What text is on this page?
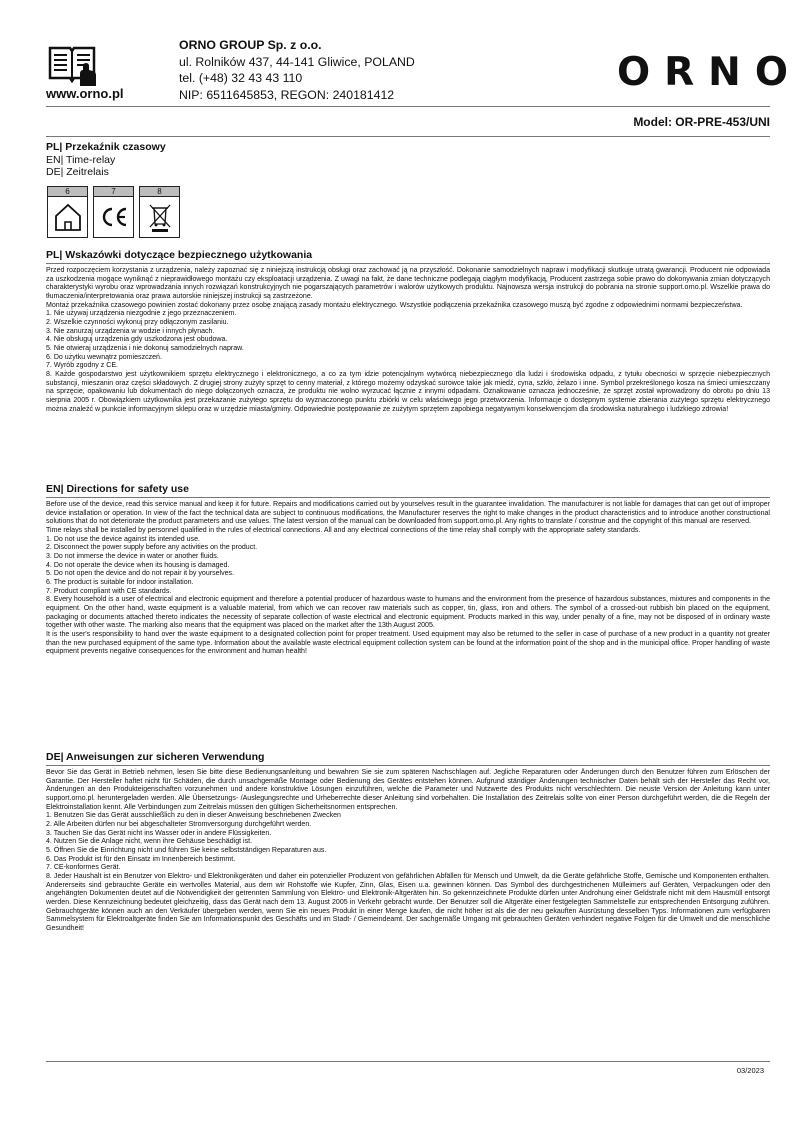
www.orno.pl
ORNO GROUP Sp. z o.o.
ul. Rolników 437, 44-141 Gliwice, POLAND
tel. (+48) 32 43 43 110
NIP: 6511645853, REGON: 240181412	ORNO
Model: OR-PRE-453/UNI
PL| Przekaźnik czasowy
EN| Time-relay
DE| Zeitrelais
6	7	8
PL| Wskazówki dotyczące bezpiecznego użytkowania
Przed rozpoczęciem korzystania z urządzenia, należy zapoznać się z niniejszą instrukcją obsługi oraz zachować ją na przyszłość. Dokonanie samodzielnych napraw i modyfikacji skutkuje utratą gwarancji. Producent nie odpowiada za uszkodzenia mogące wyniknąć z nieprawidłowego montażu czy eksploatacji urządzenia. Z uwagi na fakt, że dane techniczne podlegają ciągłym modyfikacją, Producent zastrzega sobie prawo do dokonywania zmian dotyczących charakterystyki wyrobu oraz wprowadzania innych rozwiązań konstrukcyjnych nie pogarszających parametrów i walorów użytkowych produktu. Najnowsza wersja instrukcji do pobrania na stronie support.orno.pl. Wszelkie prawa do tłumaczenia/interpretowania oraz prawa autorskie niniejszej instrukcji są zastrzeżone.
Montaż przekaźnika czasowego powinien zostać dokonany przez osobę znającą zasady montażu elektrycznego. Wszystkie podłączenia przekaźnika czasowego muszą być zgodne z odpowiednimi normami bezpieczeństwa.
1. Nie używaj urządzenia niezgodnie z jego przeznaczeniem.
2. Wszelkie czynności wykonuj przy odłączonym zasilaniu.
3. Nie zanurzaj urządzenia w wodzie i innych płynach.
4. Nie obsługuj urządzenia gdy uszkodzona jest obudowa.
5. Nie otwieraj urządzenia i nie dokonuj samodzielnych napraw.
6. Do użytku wewnątrz pomieszczeń.
7. Wyrób zgodny z CE.
8. Każde gospodarstwo jest użytkownikiem sprzętu elektrycznego i elektronicznego, a co za tym idzie potencjalnym wytwórcą niebezpiecznego dla ludzi i środowiska odpadu, z tytułu obecności w sprzęcie niebezpiecznych substancji, mieszanin oraz części składowych. Z drugiej strony zużyty sprzęt to cenny materiał, z którego możemy odzyskać surowce takie jak miedź, cyna, szkło, żelazo i inne. Symbol przekreślonego kosza na śmieci umieszczany na sprzęcie, opakowaniu lub dokumentach do niego dołączonych oznacza, że produktu nie wolno wyrzucać łącznie z innymi odpadami. Oznakowanie oznacza jednocześnie, że sprzęt został wprowadzony do obrotu po dniu 13 sierpnia 2005 r. Obowiązkiem użytkownika jest przekazanie zużytego sprzętu do wyznaczonego punktu zbiórki w celu właściwego jego przetworzenia. Informacje o dostępnym systemie zbierania zużytego sprzętu elektrycznego można znaleźć w punkcie informacyjnym sklepu oraz w urzędzie miasta/gminy. Odpowiednie postępowanie ze zużytym sprzętem zapobiega negatywnym konsekwencjom dla środowiska naturalnego i ludzkiego zdrowia!
EN| Directions for safety use
Before use of the device, read this service manual and keep it for future. Repairs and modifications carried out by yourselves result in the guarantee invalidation. The manufacturer is not liable for damages that can get out of improper device installation or operation. In view of the fact the technical data are subject to continuous modifications, the Manufacturer reserves the right to make changes in the product characteristics and to introduce another constructional solutions that do not deteriorate the product parameters and use values. The latest version of the manual can be downloaded from support.orno.pl. Any rights to translate / construe and the copyright of this manual are reserved.
Time relays shall be installed by personnel qualified in the rules of electrical connections. All and any electrical connections of the time relay shall comply with the appropriate safety standards.
1. Do not use the device against its intended use.
2. Disconnect the power supply before any activities on the product.
3. Do not immerse the device in water or another fluids.
4. Do not operate the device when its housing is damaged.
5. Do not open the device and do not repair it by yourselves.
6. The product is suitable for indoor installation.
7. Product compliant with CE standards.
8. Every household is a user of electrical and electronic equipment and therefore a potential producer of hazardous waste to humans and the environment from the presence of hazardous substances, mixtures and components in the equipment. On the other hand, waste equipment is a valuable material, from which we can recover raw materials such as copper, tin, glass, iron and others. The symbol of a crossed-out rubbish bin placed on the equipment, packaging or documents attached thereto indicates the necessity of separate collection of waste electrical and electronic equipment. Products marked in this way, under penalty of a fine, may not be disposed of in ordinary waste together with other waste. The marking also means that the equipment was placed on the market after the 13th August 2005.
It is the user's responsibility to hand over the waste equipment to a designated collection point for proper treatment. Used equipment may also be returned to the seller in case of purchase of a new product in a quantity not greater than the new purchased equipment of the same type. Information about the available waste electrical equipment collection system can be found at the information point of the shop and in the municipal office. Proper handling of waste equipment prevents negative consequences for the environment and human health!
DE| Anweisungen zur sicheren Verwendung
Bevor Sie das Gerät in Betrieb nehmen, lesen Sie bitte diese Bedienungsanleitung und bewahren Sie sie zum späteren Nachschlagen auf. Jegliche Reparaturen oder Änderungen durch den Benutzer führen zum Erlöschen der Garantie. Der Hersteller haftet nicht für Schäden, die durch unsachgemäße Montage oder Bedienung des Gerätes entstehen können. Aufgrund ständiger Änderungen technischer Daten behält sich der Hersteller das Recht vor, Änderungen an den Produkteigenschaften vorzunehmen und andere konstruktive Lösungen einzuführen, welche die Parameter und Nutzwerte des Produkts nicht verschlechtern. Die neuste Version der Anleitung kann unter support.orno.pl. heruntergeladen werden. Alle Übersetzungs- /Auslegungsrechte und Urheberrechte dieser Anleitung sind vorbehalten. Die Installation des Zeitrelais sollte von einer Person durchgeführt werden, die die Regeln der Elektroinstallation kennt. Alle Verbindungen zum Zeitrelais müssen den gültigen Sicherheitsnormen entsprechen.
1. Benutzen Sie das Gerät ausschließlich zu den in dieser Anweisung beschriebenen Zwecken
2. Alle Arbeiten dürfen nur bei abgeschalteter Stromversorgung durchgeführt werden.
3. Tauchen Sie das Gerät nicht ins Wasser oder in andere Flüssigkeiten.
4. Nutzen Sie die Anlage nicht, wenn ihre Gehäuse beschädigt ist.
5. Öffnen Sie die Einrichtung nicht und führen Sie keine selbstständigen Reparaturen aus.
6. Das Produkt ist für den Einsatz im Innenbereich bestimmt.
7. CE-konformes Gerät.
8. Jeder Haushalt ist ein Benutzer von Elektro- und Elektronikgeräten und daher ein potenzieller Produzent von gefährlichen Abfällen für Mensch und Umwelt, da die Geräte gefährliche Stoffe, Gemische und Komponenten enthalten. Andererseits sind gebrauchte Geräte ein wertvolles Material, aus dem wir Rohstoffe wie Kupfer, Zinn, Glas, Eisen u.a. gewinnen können. Das Symbol des durchgestrichenen Mülleimers auf Geräten, Verpackungen oder den angehängten Dokumenten deutet auf die Notwendigkeit der getrennten Sammlung von Elektro- und Elektronik-Altgeräten hin. So gekennzeichnete Produkte dürfen unter Androhung einer Geldstrafe nicht mit dem Hausmüll entsorgt werden. Diese Kennzeichnung bedeutet gleichzeitig, dass das Gerät nach dem 13. August 2005 in Verkehr gebracht wurde. Der Benutzer soll die Altgeräte einer festgelegten Sammelstelle zur entsprechenden Entsorgung zuführen. Gebrauchtgeräte können auch an den Verkäufer übergeben werden, wenn Sie ein neues Produkt in einer Menge kaufen, die nicht höher ist als die der neu gekauften Ausrüstung desselben Typs. Informationen zum verfügbaren Sammelsystem für Elektroaltgeräte finden Sie am Informationspunkt des Geschäfts und im Stadt- / Gemeindeamt. Der sachgemäße Umgang mit gebrauchten Geräten verhindert negative Folgen für die Umwelt und die menschliche Gesundheit!
03/2023
